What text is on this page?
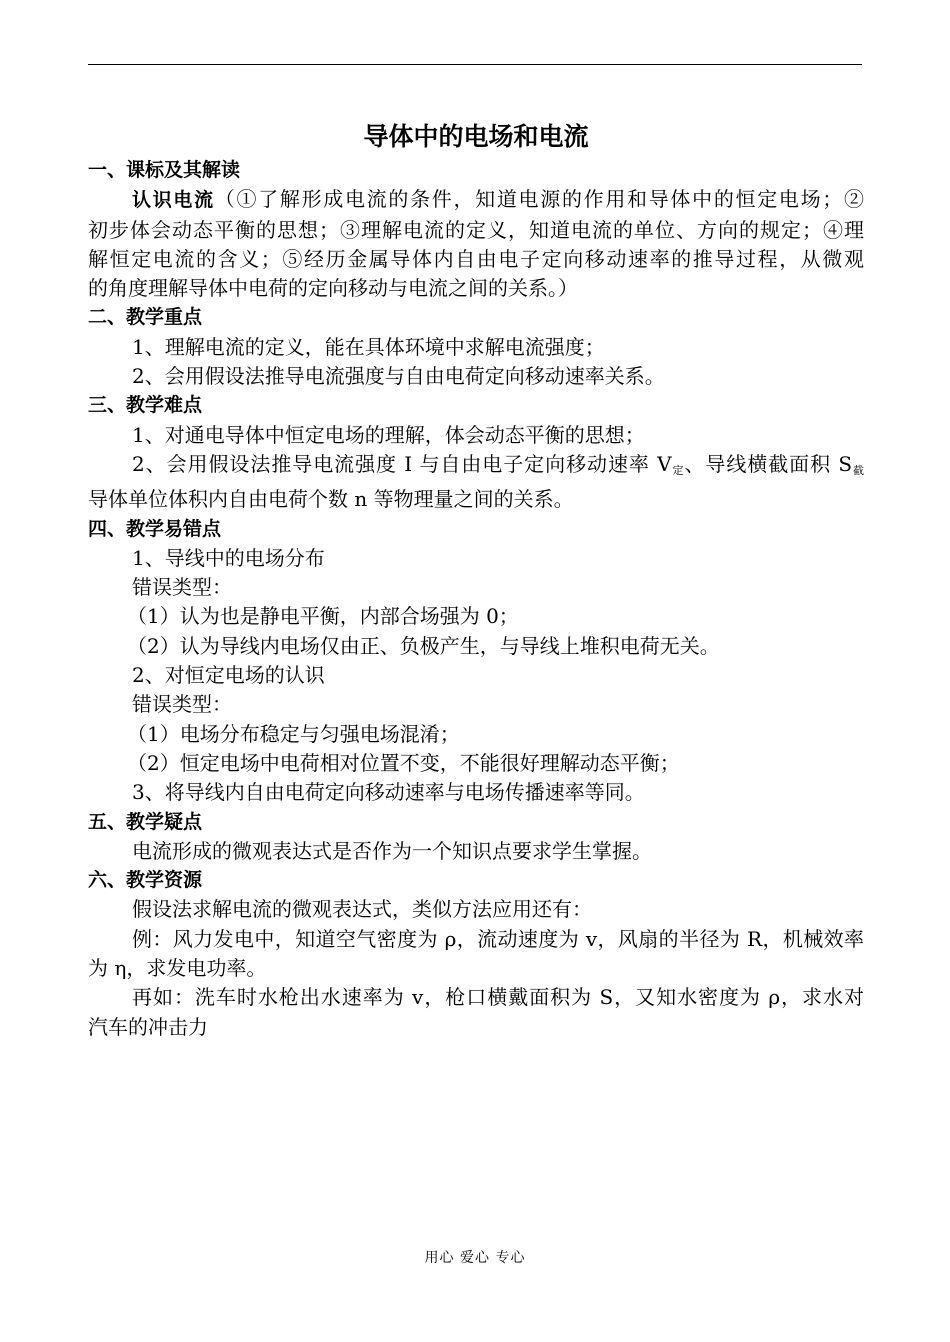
导体中的电场和电流

一、课标及其解读

认识电流（①了解形成电流的条件，知道电源的作用和导体中的恒定电场；②

初步体会动态平衡的思想；③理解电流的定义，知道电流的单位、方向的规定；④理

解恒定电流的含义；⑤经历金属导体内自由电子定向移动速率的推导过程，从微观

的角度理解导体中电荷的定向移动与电流之间的关系。）

二、教学重点

1、理解电流的定义，能在具体环境中求解电流强度；

2、会用假设法推导电流强度与自由电荷定向移动速率关系。

三、教学难点

1、对通电导体中恒定电场的理解，体会动态平衡的思想；

2、会用假设法推导电流强度 I 与自由电子定向移动速率 $V_定$、导线横截面积 $S_截$

导体单位体积内自由电荷个数 n 等物理量之间的关系。

四、教学易错点

1、导线中的电场分布

错误类型：

（1）认为也是静电平衡，内部合场强为 0；

（2）认为导线内电场仅由正、负极产生，与导线上堆积电荷无关。

2、对恒定电场的认识

错误类型：

（1）电场分布稳定与匀强电场混淆；

（2）恒定电场中电荷相对位置不变，不能很好理解动态平衡；

3、将导线内自由电荷定向移动速率与电场传播速率等同。

五、教学疑点

电流形成的微观表达式是否作为一个知识点要求学生掌握。

六、教学资源

假设法求解电流的微观表达式，类似方法应用还有：

例：风力发电中，知道空气密度为 ρ，流动速度为 v，风扇的半径为 R，机械效率

为 η，求发电功率。

再如：洗车时水枪出水速率为 v，枪口横戴面积为 S，又知水密度为 ρ，求水对

汽车的冲击力

用心 爱心 专心
